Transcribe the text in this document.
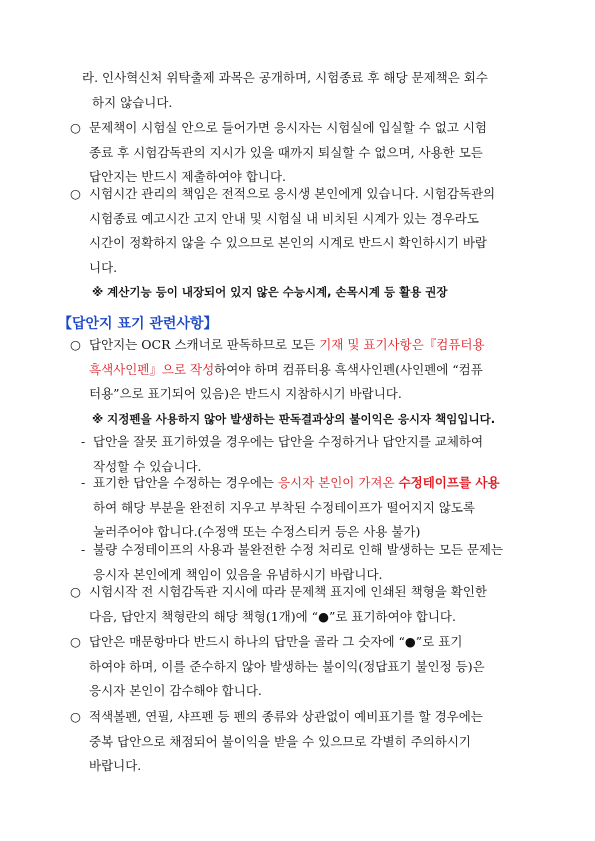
라. 인사혁신처 위탁출제 과목은 공개하며, 시험종료 후 해당 문제책은 회수
하지 않습니다.
○ 문제책이 시험실 안으로 들어가면 응시자는 시험실에 입실할 수 없고 시험
종료 후 시험감독관의 지시가 있을 때까지 퇴실할 수 없으며, 사용한 모든
답안지는 반드시 제출하여야 합니다.
○ 시험시간 관리의 책임은 전적으로 응시생 본인에게 있습니다. 시험감독관의
시험종료 예고시간 고지 안내 및 시험실 내 비치된 시계가 있는 경우라도
시간이 정확하지 않을 수 있으므로 본인의 시계로 반드시 확인하시기 바랍
니다.
※ 계산기능 등이 내장되어 있지 않은 수능시계, 손목시계 등 활용 권장
【답안지 표기 관련사항】
○ 답안지는 OCR 스캐너로 판독하므로 모든 기재 및 표기사항은『컴퓨터용
흑색사인펜』으로 작성하여야 하며 컴퓨터용 흑색사인펜(사인펜에 “컴퓨
터용”으로 표기되어 있음)은 반드시 지참하시기 바랍니다.
※ 지정펜을 사용하지 않아 발생하는 판독결과상의 불이익은 응시자 책임입니다.
- 답안을 잘못 표기하였을 경우에는 답안을 수정하거나 답안지를 교체하여
작성할 수 있습니다.
- 표기한 답안을 수정하는 경우에는 응시자 본인이 가져온 수정테이프를 사용
하여 해당 부분을 완전히 지우고 부착된 수정테이프가 떨어지지 않도록
눌러주어야 합니다.(수정액 또는 수정스티커 등은 사용 불가)
- 불량 수정테이프의 사용과 불완전한 수정 처리로 인해 발생하는 모든 문제는
응시자 본인에게 책임이 있음을 유념하시기 바랍니다.
○ 시험시작 전 시험감독관 지시에 따라 문제책 표지에 인쇄된 책형을 확인한
다음, 답안지 책형란의 해당 책형(1개)에 “●”로 표기하여야 합니다.
○ 답안은 매문항마다 반드시 하나의 답만을 골라 그 숫자에 “●”로 표기
하여야 하며, 이를 준수하지 않아 발생하는 불이익(정답표기 불인정 등)은
응시자 본인이 감수해야 합니다.
○ 적색볼펜, 연필, 샤프펜 등 펜의 종류와 상관없이 예비표기를 할 경우에는
중복 답안으로 채점되어 불이익을 받을 수 있으므로 각별히 주의하시기
바랍니다.
